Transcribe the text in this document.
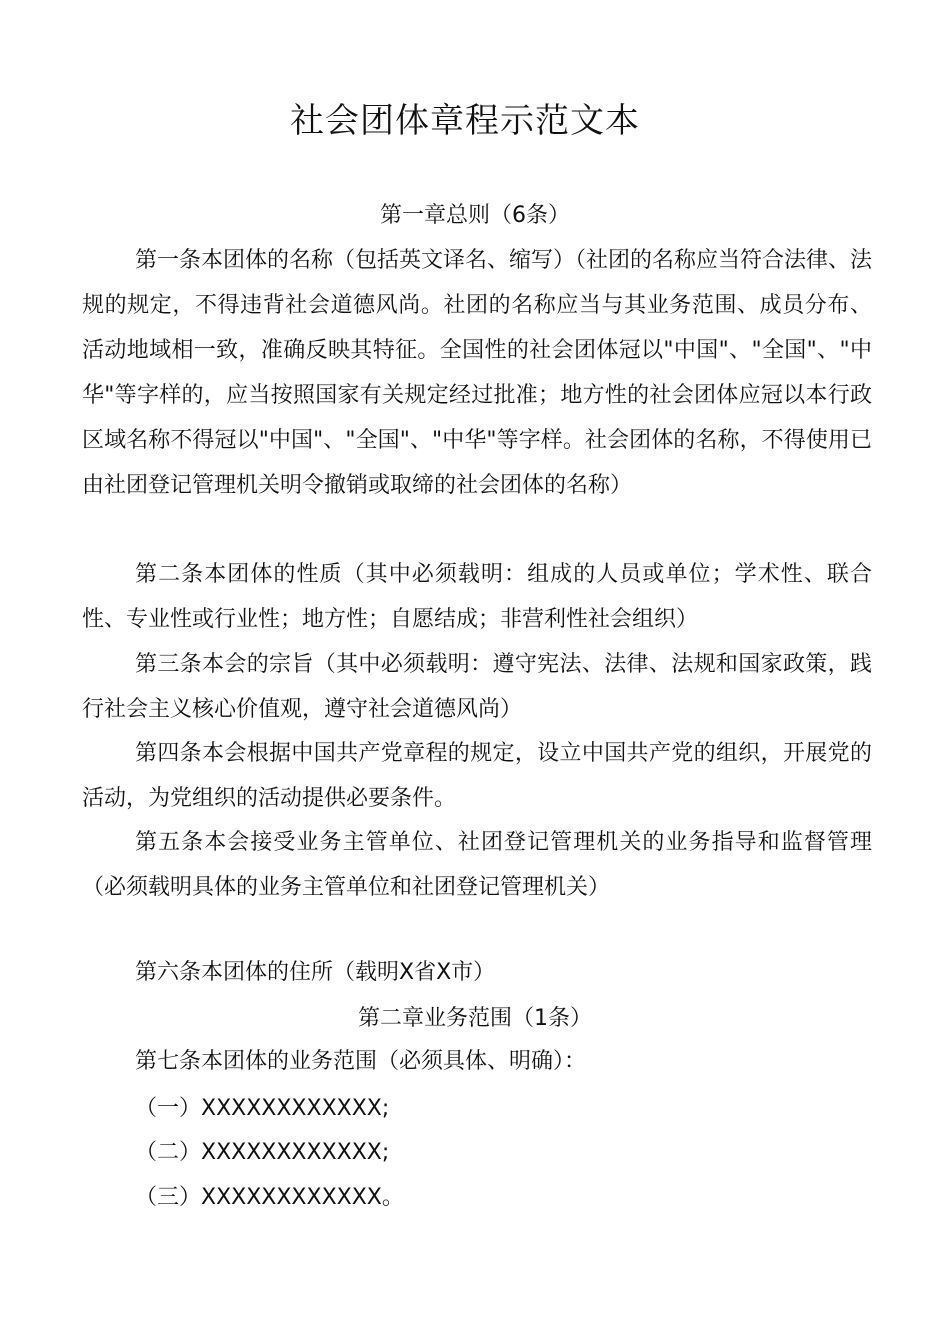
社会团体章程示范文本
第一章总则（6条）

第一条本团体的名称（包括英文译名、缩写）（社团的名称应当符合法律、法规的规定，不得违背社会道德风尚。社团的名称应当与其业务范围、成员分布、活动地域相一致，准确反映其特征。全国性的社会团体冠以"中国"、"全国"、"中华"等字样的，应当按照国家有关规定经过批准；地方性的社会团体应冠以本行政区域名称不得冠以"中国"、"全国"、"中华"等字样。社会团体的名称，不得使用已由社团登记管理机关明令撤销或取缔的社会团体的名称）

第二条本团体的性质（其中必须载明：组成的人员或单位；学术性、联合性、专业性或行业性；地方性；自愿结成；非营利性社会组织）

第三条本会的宗旨（其中必须载明：遵守宪法、法律、法规和国家政策，践行社会主义核心价值观，遵守社会道德风尚）

第四条本会根据中国共产党章程的规定，设立中国共产党的组织，开展党的活动，为党组织的活动提供必要条件。

第五条本会接受业务主管单位、社团登记管理机关的业务指导和监督管理（必须载明具体的业务主管单位和社团登记管理机关）

第六条本团体的住所（载明X省X市）
第二章业务范围（1条）
第七条本团体的业务范围（必须具体、明确）：
（一）XXXXXXXXXXXX;
（二）XXXXXXXXXXXX;
（三）XXXXXXXXXXXX。
